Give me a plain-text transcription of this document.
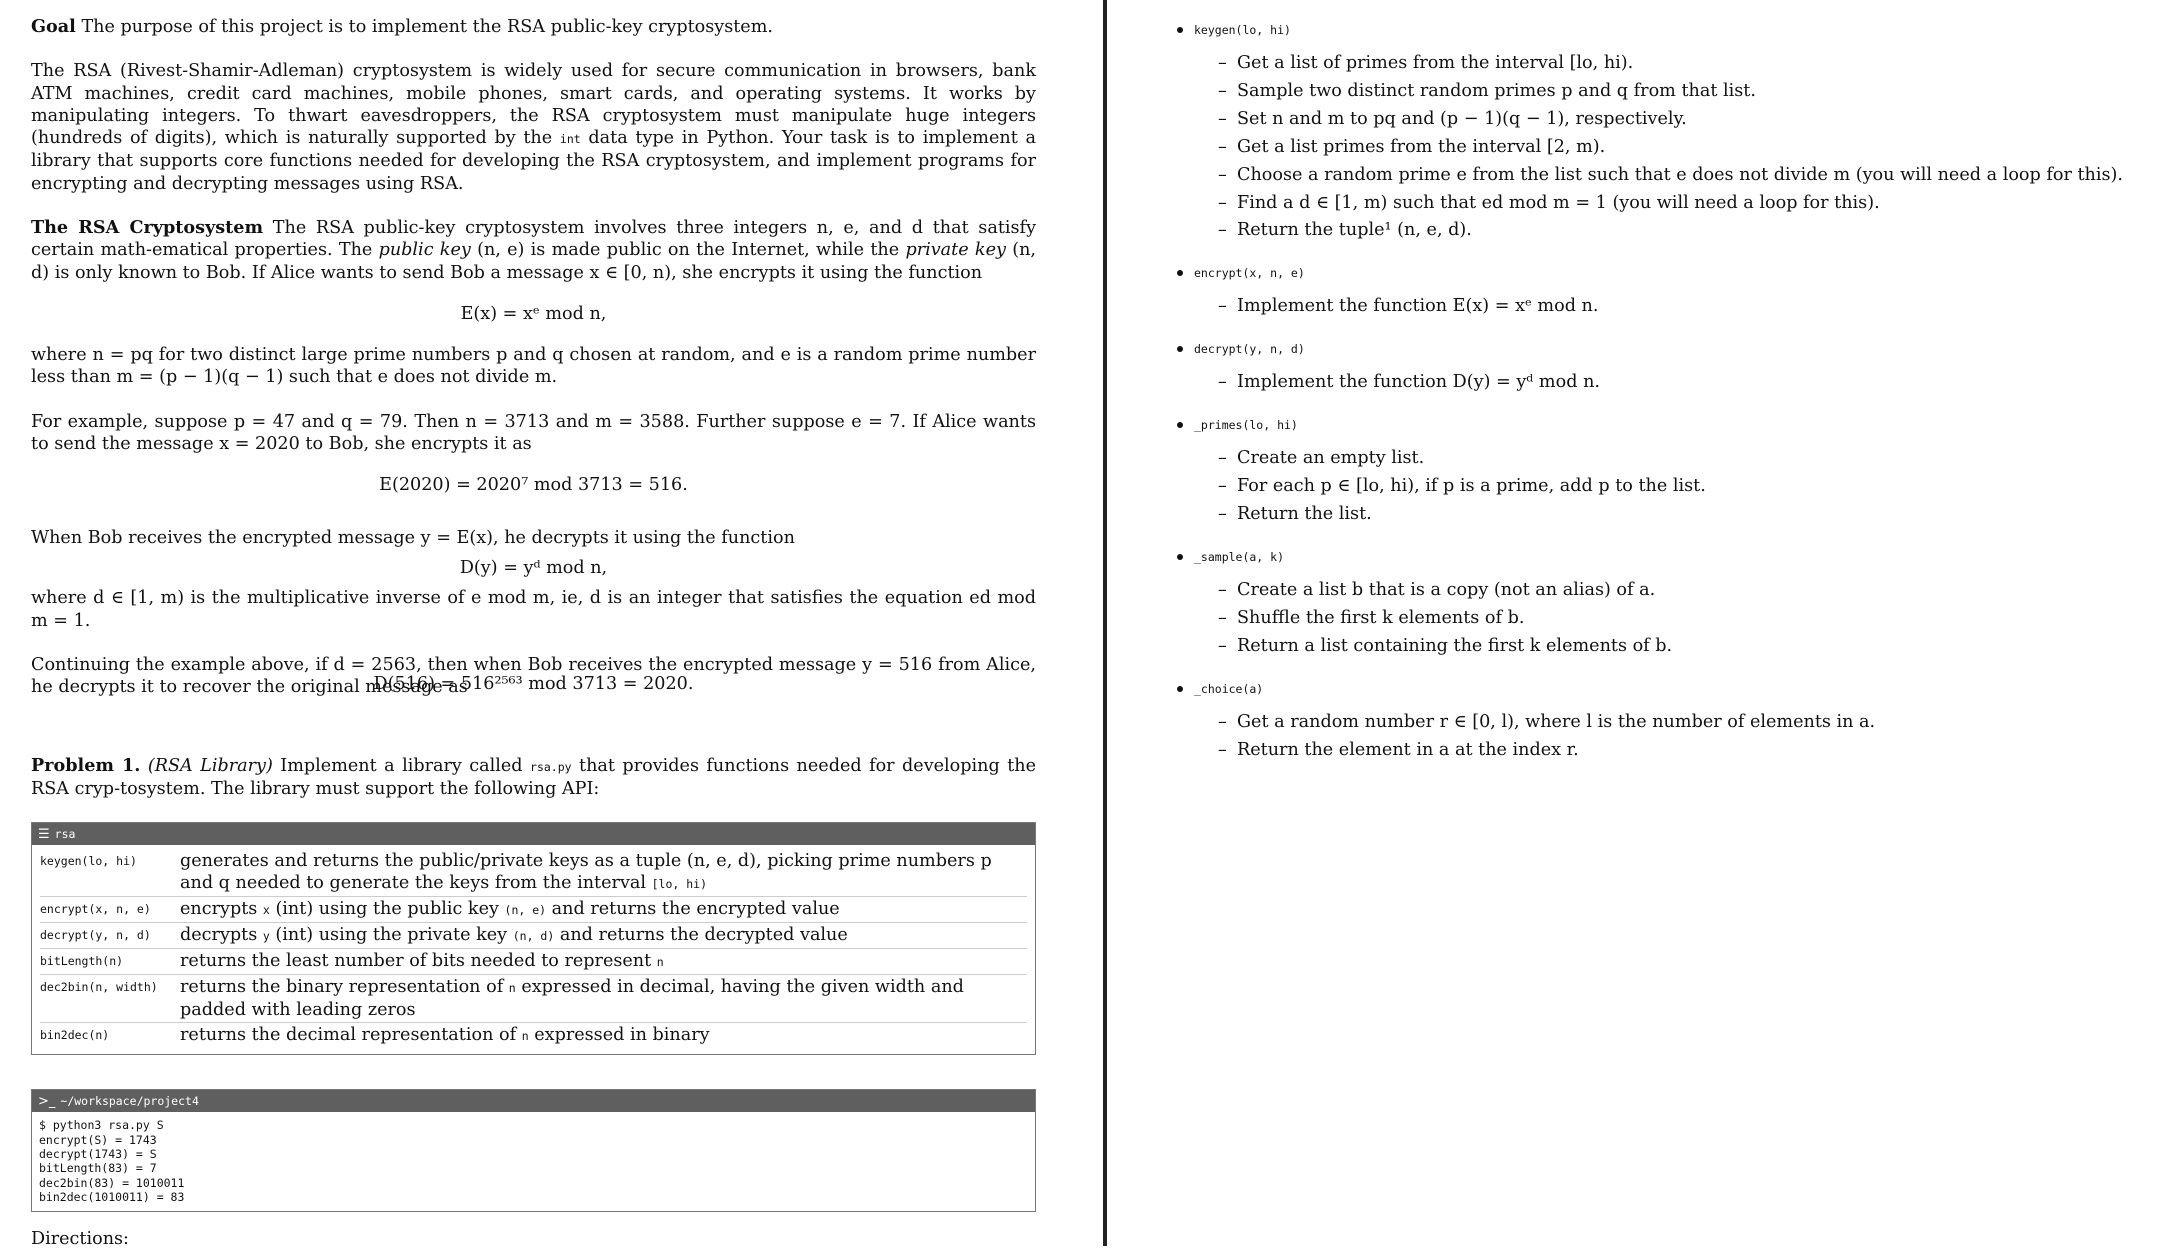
Goal The purpose of this project is to implement the RSA public-key cryptosystem.

The RSA (Rivest-Shamir-Adleman) cryptosystem is widely used for secure communication in browsers, bank ATM machines, credit card machines, mobile phones, smart cards, and operating systems. It works by manipulating integers. To thwart eavesdroppers, the RSA cryptosystem must manipulate huge integers (hundreds of digits), which is naturally supported by the int data type in Python. Your task is to implement a library that supports core functions needed for developing the RSA cryptosystem, and implement programs for encrypting and decrypting messages using RSA.

The RSA Cryptosystem The RSA public-key cryptosystem involves three integers n, e, and d that satisfy certain math-ematical properties. The public key (n, e) is made public on the Internet, while the private key (n, d) is only known to Bob. If Alice wants to send Bob a message x ∈ [0, n), she encrypts it using the function

E(x) = xᵉ mod n,

where n = pq for two distinct large prime numbers p and q chosen at random, and e is a random prime number less than m = (p − 1)(q − 1) such that e does not divide m.

For example, suppose p = 47 and q = 79. Then n = 3713 and m = 3588. Further suppose e = 7. If Alice wants to send the message x = 2020 to Bob, she encrypts it as

E(2020) = 2020⁷ mod 3713 = 516.

When Bob receives the encrypted message y = E(x), he decrypts it using the function

D(y) = yᵈ mod n,

where d ∈ [1, m) is the multiplicative inverse of e mod m, ie, d is an integer that satisfies the equation ed mod m = 1.

Continuing the example above, if d = 2563, then when Bob receives the encrypted message y = 516 from Alice, he decrypts it to recover the original message as

D(516) = 516²⁵⁶³ mod 3713 = 2020.

Problem 1. (RSA Library) Implement a library called rsa.py that provides functions needed for developing the RSA cryp-tosystem. The library must support the following API:

☰ rsa
keygen(lo, hi)	generates and returns the public/private keys as a tuple (n, e, d), picking prime numbers p and q needed to generate the keys from the interval [lo, hi)
encrypt(x, n, e)	encrypts x (int) using the public key (n, e) and returns the encrypted value
decrypt(y, n, d)	decrypts y (int) using the private key (n, d) and returns the decrypted value
bitLength(n)	returns the least number of bits needed to represent n
dec2bin(n, width)	returns the binary representation of n expressed in decimal, having the given width and padded with leading zeros
bin2dec(n)	returns the decimal representation of n expressed in binary
>_ ~/workspace/project4
$ python3 rsa.py S
encrypt(S) = 1743
decrypt(1743) = S
bitLength(83) = 7
dec2bin(83) = 1010011
bin2dec(1010011) = 83

Directions:

keygen(lo, hi)
– Get a list of primes from the interval [lo, hi).
– Sample two distinct random primes p and q from that list.
– Set n and m to pq and (p − 1)(q − 1), respectively.
– Get a list primes from the interval [2, m).
– Choose a random prime e from the list such that e does not divide m (you will need a loop for this).
– Find a d ∈ [1, m) such that ed mod m = 1 (you will need a loop for this).
– Return the tuple¹ (n, e, d).
encrypt(x, n, e)
– Implement the function E(x) = xᵉ mod n.
decrypt(y, n, d)
– Implement the function D(y) = yᵈ mod n.
_primes(lo, hi)
– Create an empty list.
– For each p ∈ [lo, hi), if p is a prime, add p to the list.
– Return the list.
_sample(a, k)
– Create a list b that is a copy (not an alias) of a.
– Shuffle the first k elements of b.
– Return a list containing the first k elements of b.
_choice(a)
– Get a random number r ∈ [0, l), where l is the number of elements in a.
– Return the element in a at the index r.
